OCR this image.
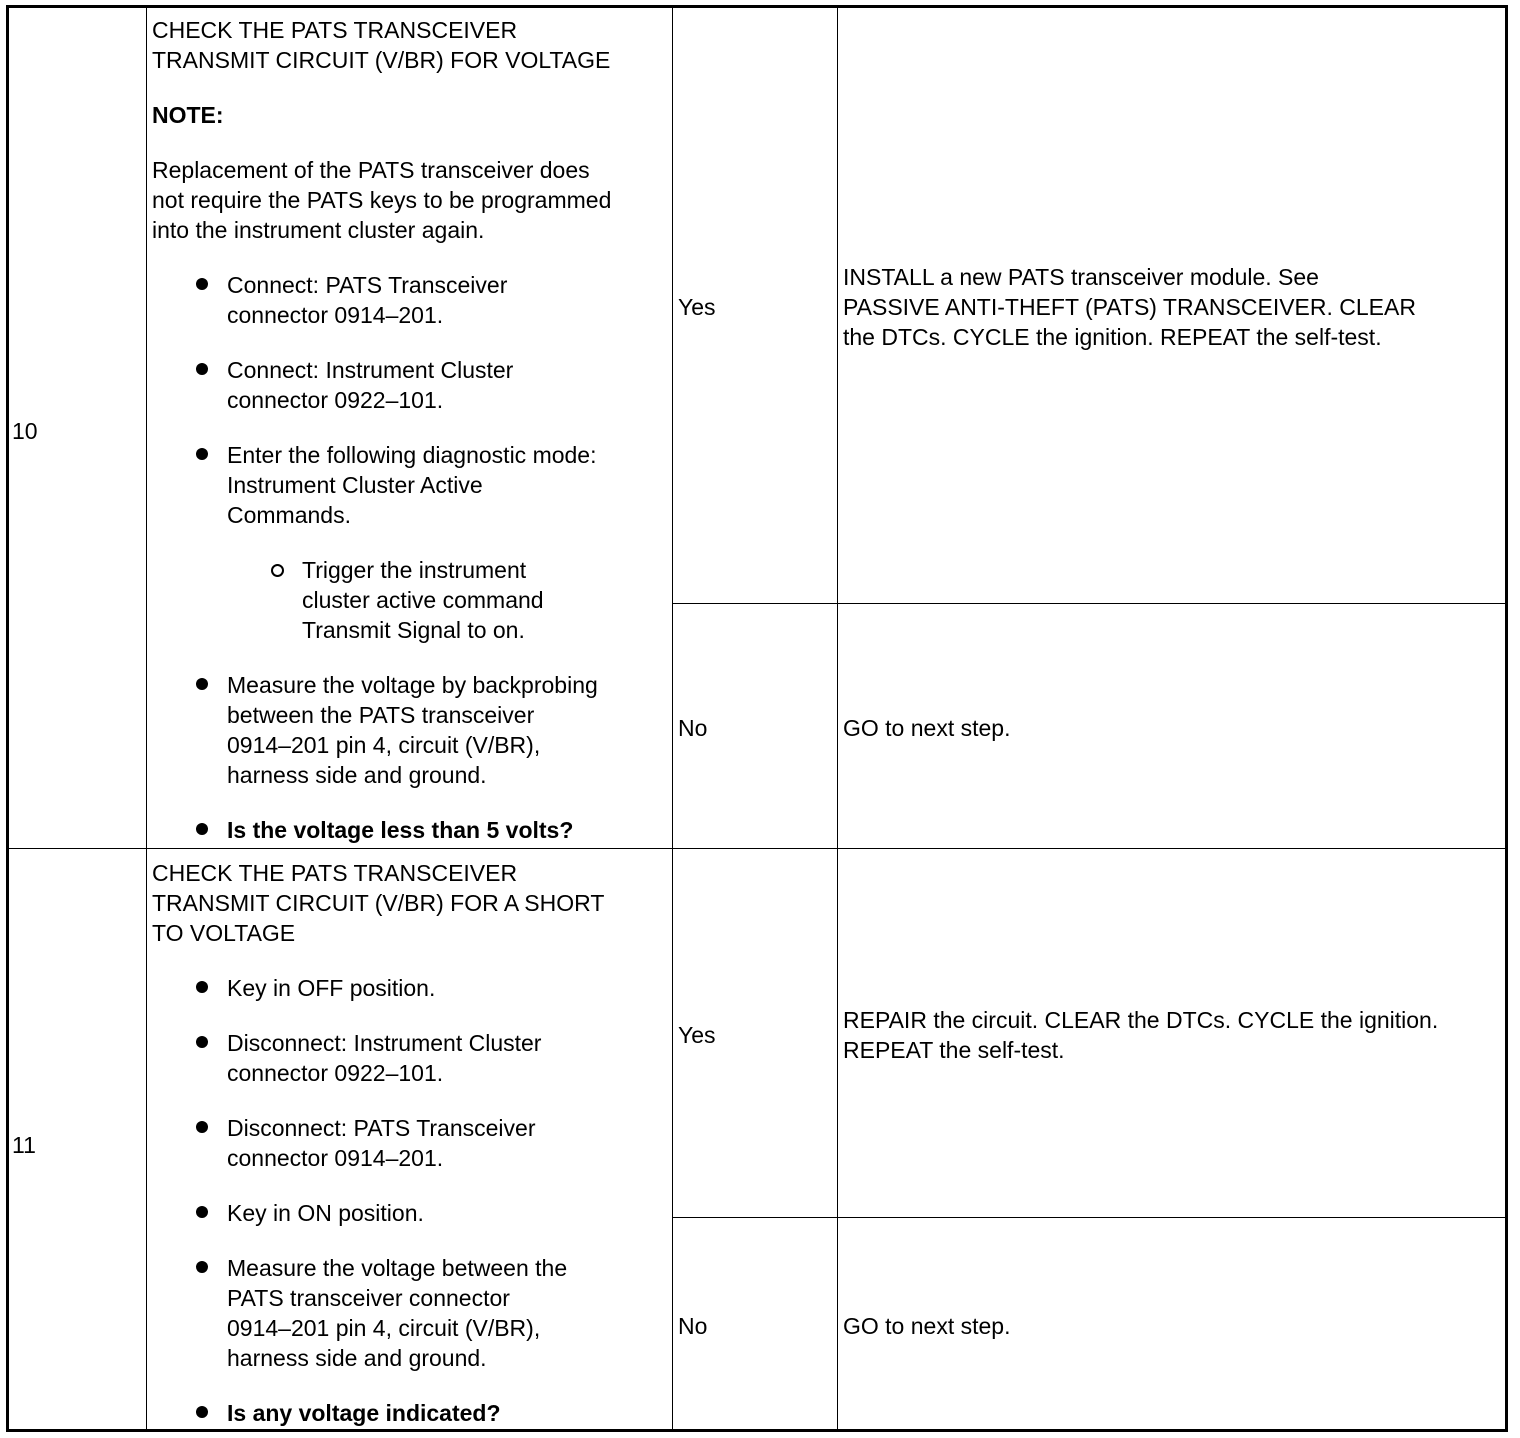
10
CHECK THE PATS TRANSCEIVER
TRANSMIT CIRCUIT (V/BR) FOR VOLTAGE
NOTE:
Replacement of the PATS transceiver does
not require the PATS keys to be programmed
into the instrument cluster again.
Connect: PATS Transceiver
connector 0914–201.
Connect: Instrument Cluster
connector 0922–101.
Enter the following diagnostic mode:
Instrument Cluster Active
Commands.
Trigger the instrument
cluster active command
Transmit Signal to on.
Measure the voltage by backprobing
between the PATS transceiver
0914–201 pin 4, circuit (V/BR),
harness side and ground.
Is the voltage less than 5 volts?
Yes
INSTALL a new PATS transceiver module. See
PASSIVE ANTI-THEFT (PATS) TRANSCEIVER. CLEAR
the DTCs. CYCLE the ignition. REPEAT the self-test.
No	GO to next step.
11
CHECK THE PATS TRANSCEIVER
TRANSMIT CIRCUIT (V/BR) FOR A SHORT
TO VOLTAGE
Key in OFF position.
Disconnect: Instrument Cluster
connector 0922–101.
Disconnect: PATS Transceiver
connector 0914–201.
Key in ON position.
Measure the voltage between the
PATS transceiver connector
0914–201 pin 4, circuit (V/BR),
harness side and ground.
Is any voltage indicated?
Yes
REPAIR the circuit. CLEAR the DTCs. CYCLE the ignition.
REPEAT the self-test.
No	GO to next step.
